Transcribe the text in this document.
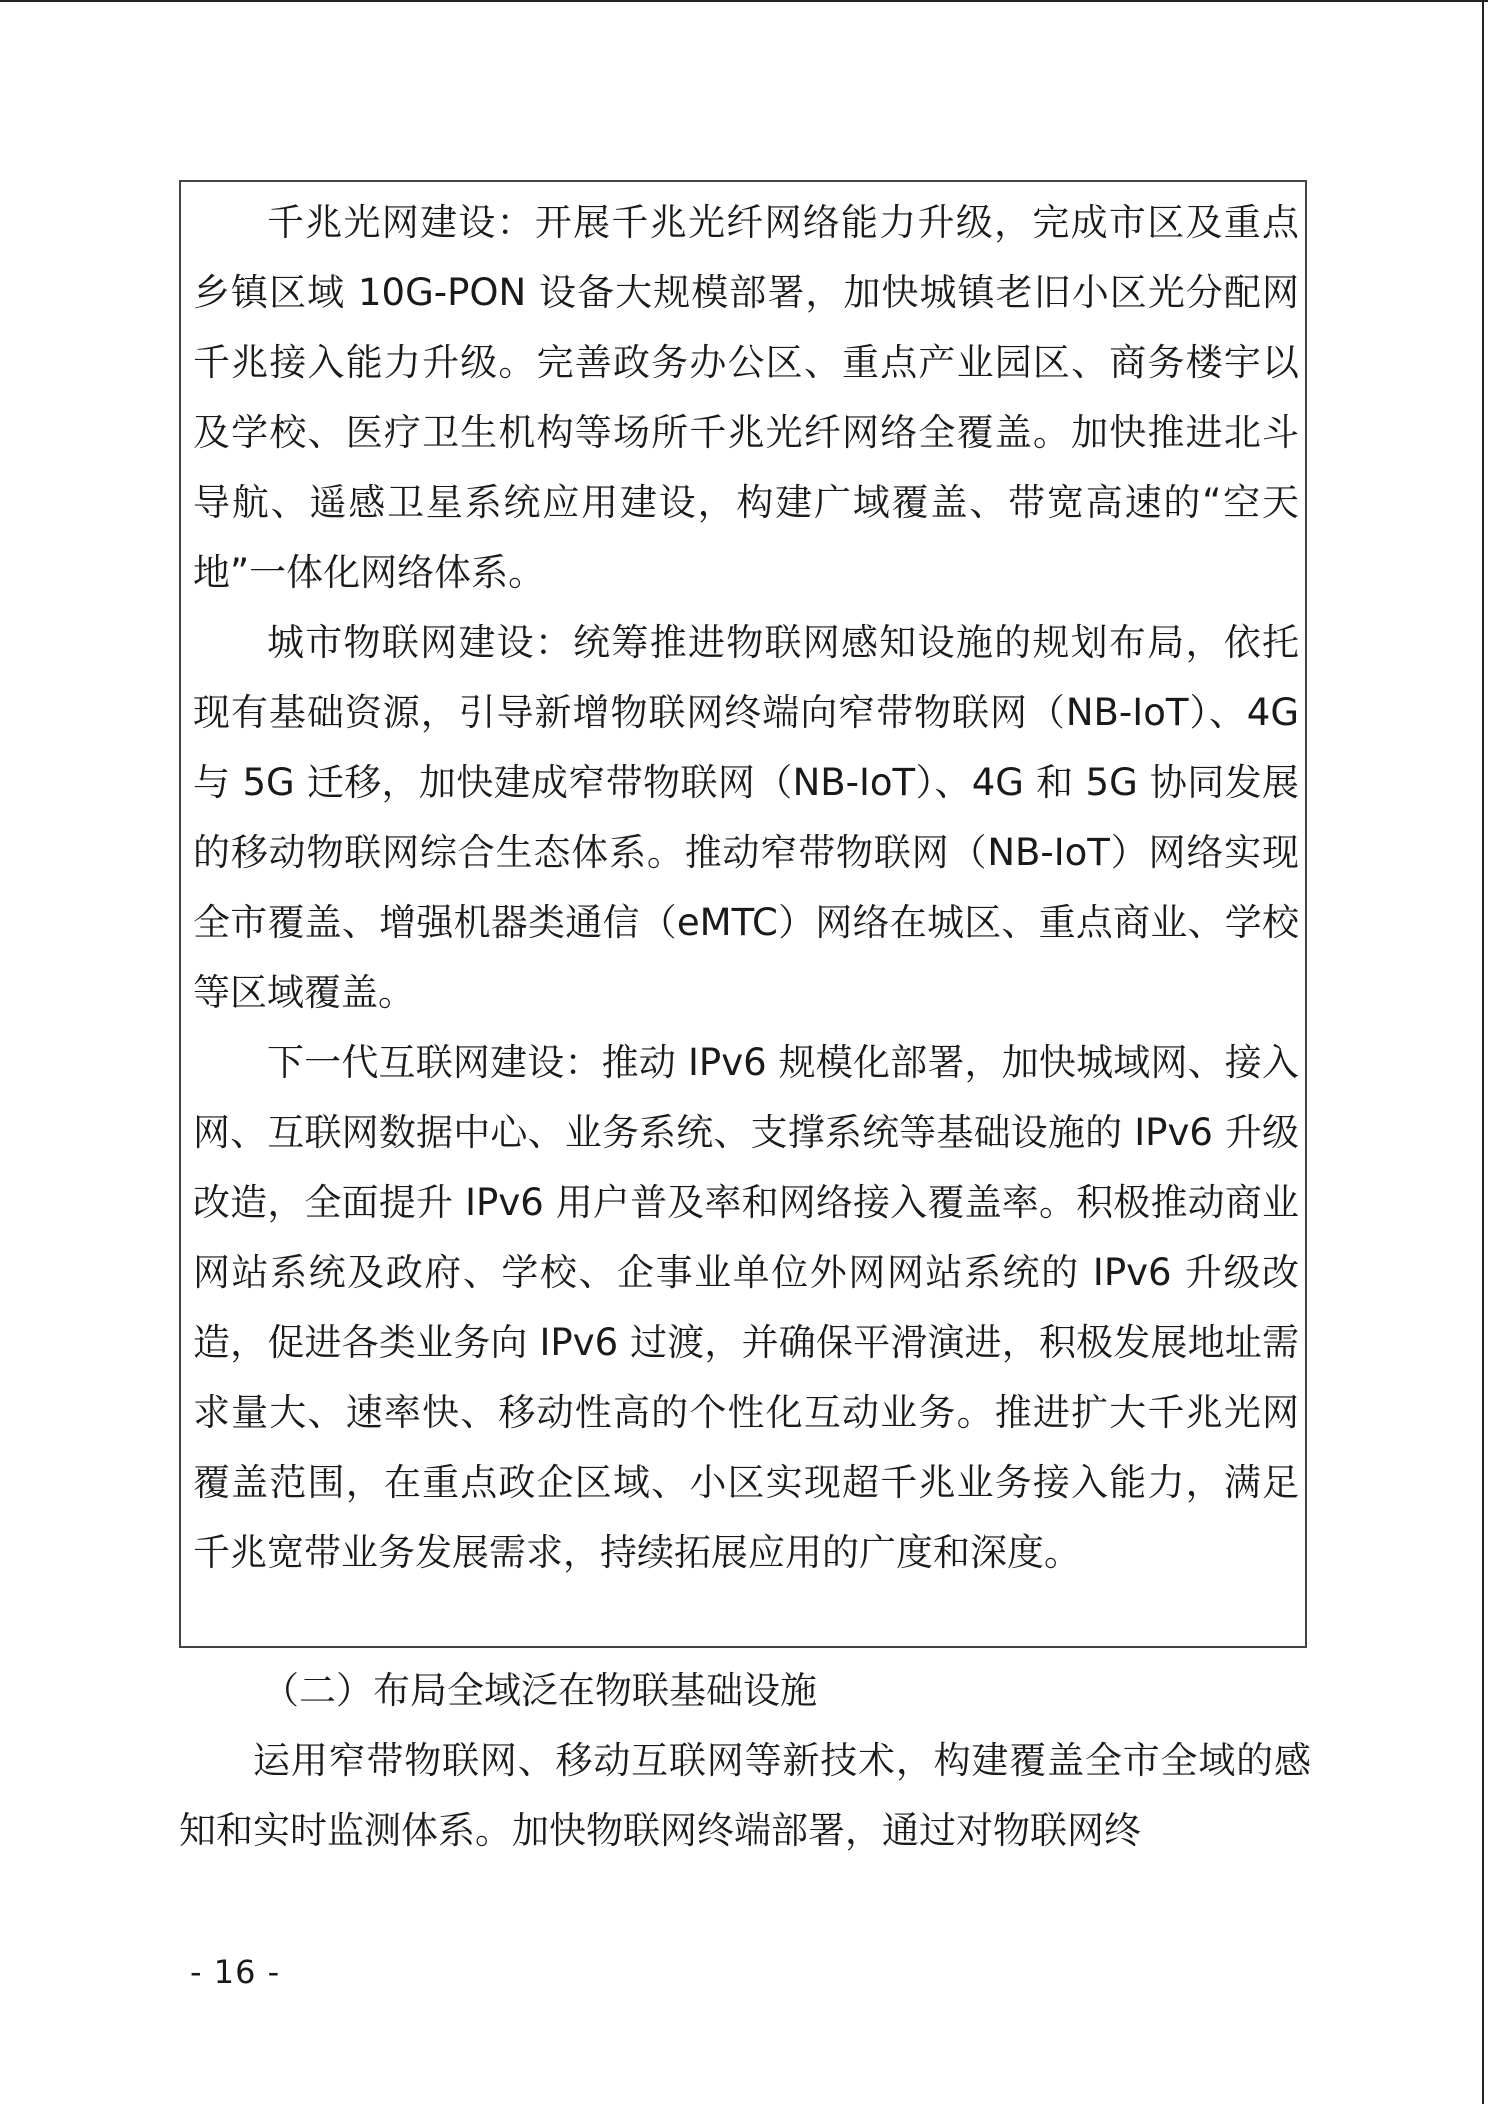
千兆光网建设：开展千兆光纤网络能力升级，完成市区及重点乡镇区域 10G-PON 设备大规模部署，加快城镇老旧小区光分配网千兆接入能力升级。完善政务办公区、重点产业园区、商务楼宇以及学校、医疗卫生机构等场所千兆光纤网络全覆盖。加快推进北斗导航、遥感卫星系统应用建设，构建广域覆盖、带宽高速的“空天地”一体化网络体系。

城市物联网建设：统筹推进物联网感知设施的规划布局，依托现有基础资源，引导新增物联网终端向窄带物联网（NB-IoT）、4G 与 5G 迁移，加快建成窄带物联网（NB-IoT）、4G 和 5G 协同发展的移动物联网综合生态体系。推动窄带物联网（NB-IoT）网络实现全市覆盖、增强机器类通信（eMTC）网络在城区、重点商业、学校等区域覆盖。

下一代互联网建设：推动 IPv6 规模化部署，加快城域网、接入网、互联网数据中心、业务系统、支撑系统等基础设施的 IPv6 升级改造，全面提升 IPv6 用户普及率和网络接入覆盖率。积极推动商业网站系统及政府、学校、企事业单位外网网站系统的 IPv6 升级改造，促进各类业务向 IPv6 过渡，并确保平滑演进，积极发展地址需求量大、速率快、移动性高的个性化互动业务。推进扩大千兆光网覆盖范围，在重点政企区域、小区实现超千兆业务接入能力，满足千兆宽带业务发展需求，持续拓展应用的广度和深度。

（二）布局全域泛在物联基础设施

运用窄带物联网、移动互联网等新技术，构建覆盖全市全域的感知和实时监测体系。加快物联网终端部署，通过对物联网终

- 16 -
